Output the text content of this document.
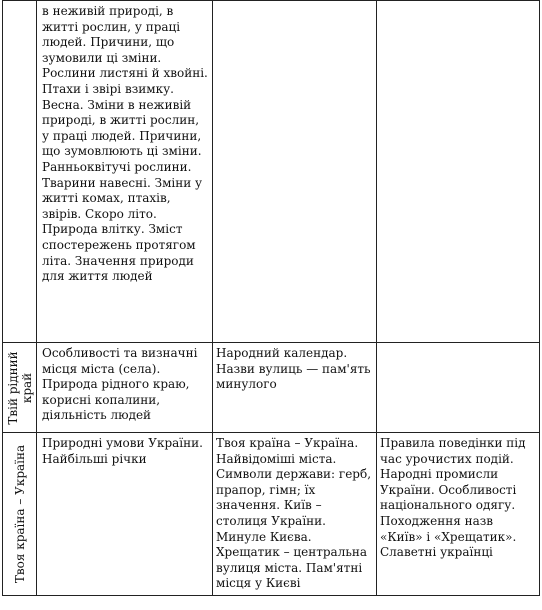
	в неживій природі, в житті рослин, у праці людей. Причини, що зумовили ці зміни. Рослини листяні й хвойні. Птахи і звірі взимку. Весна. Зміни в неживій природі, в житті рослин, у праці людей. Причини, що зумовлюють ці зміни. Ранньоквітучі рослини. Тварини навесні. Зміни у житті комах, птахів, звірів. Скоро літо. Природа влітку. Зміст спостережень протягом літа. Значення природи для життя людей		

Твій рідний край	Особливості та визначні місця міста (села). Природа рідного краю, корисні копалини, діяльність людей	Народний календар. Назви вулиць — пам'ять минулого	

Твоя країна – Україна	Природні умови України. Найбільші річки	Твоя країна – Україна. Найвідоміші міста. Символи держави: герб, прапор, гімн; їх значення. Київ – столиця України. Минуле Києва. Хрещатик – центральна вулиця міста. Пам'ятні місця у Києві	Правила поведінки під час урочистих подій. Народні промисли України. Особливості національного одягу. Походження назв «Київ» і «Хрещатик». Славетні українці
